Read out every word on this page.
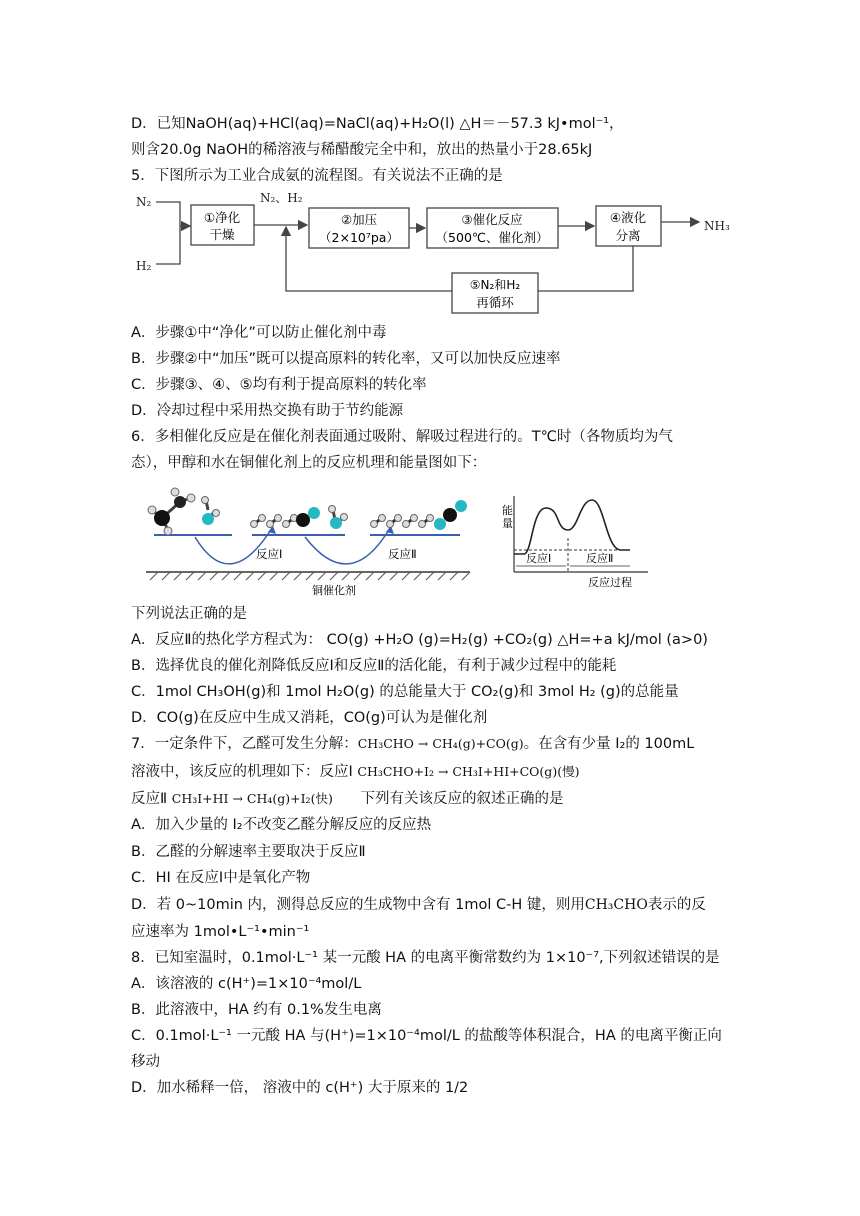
D．已知NaOH(aq)+HCl(aq)=NaCl(aq)+H₂O(l) △H＝－57.3 kJ•mol⁻¹，
则含20.0g NaOH的稀溶液与稀醋酸完全中和，放出的热量小于28.65kJ
5．下图所示为工业合成氨的流程图。有关说法不正确的是
N₂
H₂
N₂、H₂
NH₃
①净化
干燥
②加压
（2×10⁷pa）
③催化反应
（500℃、催化剂）
④液化
分离
⑤N₂和H₂
再循环
A．步骤①中“净化”可以防止催化剂中毒
B．步骤②中“加压”既可以提高原料的转化率，又可以加快反应速率
C．步骤③、④、⑤均有利于提高原料的转化率
D．冷却过程中采用热交换有助于节约能源
6．多相催化反应是在催化剂表面通过吸附、解吸过程进行的。T℃时（各物质均为气
态），甲醇和水在铜催化剂上的反应机理和能量图如下：
反应Ⅰ	反应Ⅱ
铜催化剂
能
量
能量
反应Ⅰ	反应Ⅱ
反应过程
下列说法正确的是
A．反应Ⅱ的热化学方程式为： CO(g) +H₂O (g)=H₂(g) +CO₂(g) △H=+a kJ/mol (a>0)
B．选择优良的催化剂降低反应Ⅰ和反应Ⅱ的活化能，有利于减少过程中的能耗
C．1mol CH₃OH(g)和 1mol H₂O(g) 的总能量大于 CO₂(g)和 3mol H₂ (g)的总能量
D．CO(g)在反应中生成又消耗，CO(g)可认为是催化剂
7．一定条件下，乙醛可发生分解：CH₃CHO → CH₄(g)+CO(g)。在含有少量 I₂的 100mL
溶液中，该反应的机理如下：反应Ⅰ CH₃CHO+I₂ → CH₃I+HI+CO(g)(慢)
反应Ⅱ CH₃I+HI → CH₄(g)+I₂(快) 下列有关该反应的叙述正确的是
A．加入少量的 I₂不改变乙醛分解反应的反应热
B．乙醛的分解速率主要取决于反应Ⅱ
C．HI 在反应Ⅰ中是氧化产物
D．若 0~10min 内，测得总反应的生成物中含有 1mol C-H 键，则用CH₃CHO表示的反
应速率为 1mol•L⁻¹•min⁻¹
8．已知室温时，0.1mol·L⁻¹ 某一元酸 HA 的电离平衡常数约为 1×10⁻⁷,下列叙述错误的是
A．该溶液的 c(H⁺)=1×10⁻⁴mol/L
B．此溶液中，HA 约有 0.1%发生电离
C．0.1mol·L⁻¹ 一元酸 HA 与(H⁺)=1×10⁻⁴mol/L 的盐酸等体积混合，HA 的电离平衡正向
移动
D．加水稀释一倍， 溶液中的 c(H⁺) 大于原来的 1/2
